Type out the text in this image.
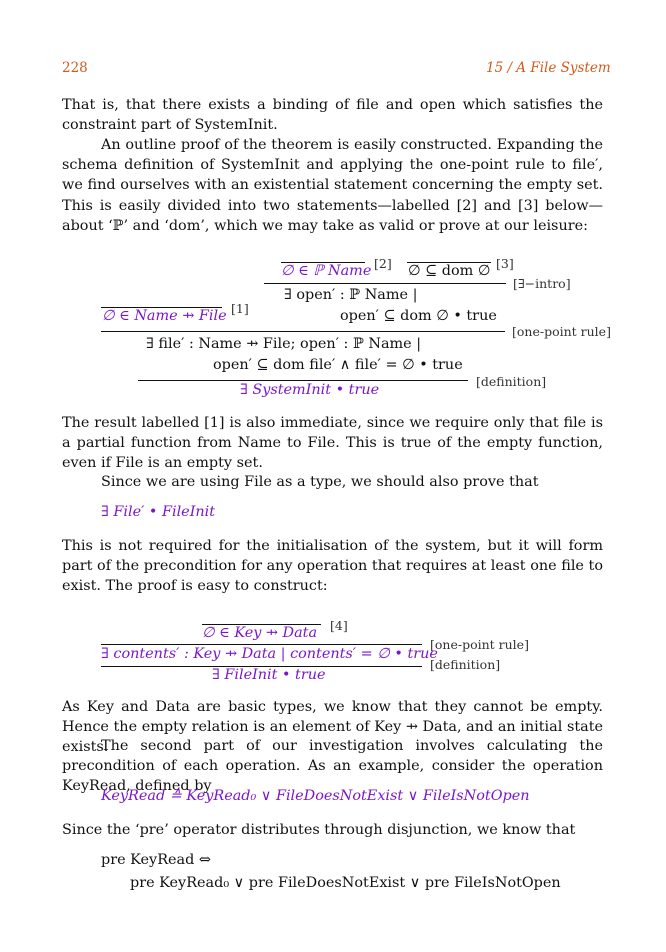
228	15 / A File System

That is, that there exists a binding of file and open which satisfies the constraint part of SystemInit.

An outline proof of the theorem is easily constructed. Expanding the schema definition of SystemInit and applying the one-point rule to file′, we find ourselves with an existential statement concerning the empty set. This is easily divided into two statements—labelled [2] and [3] below—about ‘ℙ’ and ‘dom’, which we may take as valid or prove at our leisure:

∅ ∈ ℙ Name [2] ∅ ⊆ dom ∅ [3]
[∃−intro]
∃ open′ : ℙ Name |
open′ ⊆ dom ∅ • true
∅ ∈ Name ⇸ File [1]
[one-point rule]
∃ file′ : Name ⇸ File; open′ : ℙ Name |
open′ ⊆ dom file′ ∧ file′ = ∅ • true
[definition]
∃ SystemInit • true

The result labelled [1] is also immediate, since we require only that file is a partial function from Name to File. This is true of the empty function, even if File is an empty set.

Since we are using File as a type, we should also prove that

∃ File′ • FileInit

This is not required for the initialisation of the system, but it will form part of the precondition for any operation that requires at least one file to exist. The proof is easy to construct:

∅ ∈ Key ⇸ Data [4]
[one-point rule]
∃ contents′ : Key ⇸ Data | contents′ = ∅ • true
[definition]
∃ FileInit • true

As Key and Data are basic types, we know that they cannot be empty. Hence the empty relation is an element of Key ⇸ Data, and an initial state exists.

The second part of our investigation involves calculating the precondition of each operation. As an example, consider the operation KeyRead, defined by

KeyRead ≙ KeyRead₀ ∨ FileDoesNotExist ∨ FileIsNotOpen

Since the ‘pre’ operator distributes through disjunction, we know that

pre KeyRead ⇔
pre KeyRead₀ ∨ pre FileDoesNotExist ∨ pre FileIsNotOpen
